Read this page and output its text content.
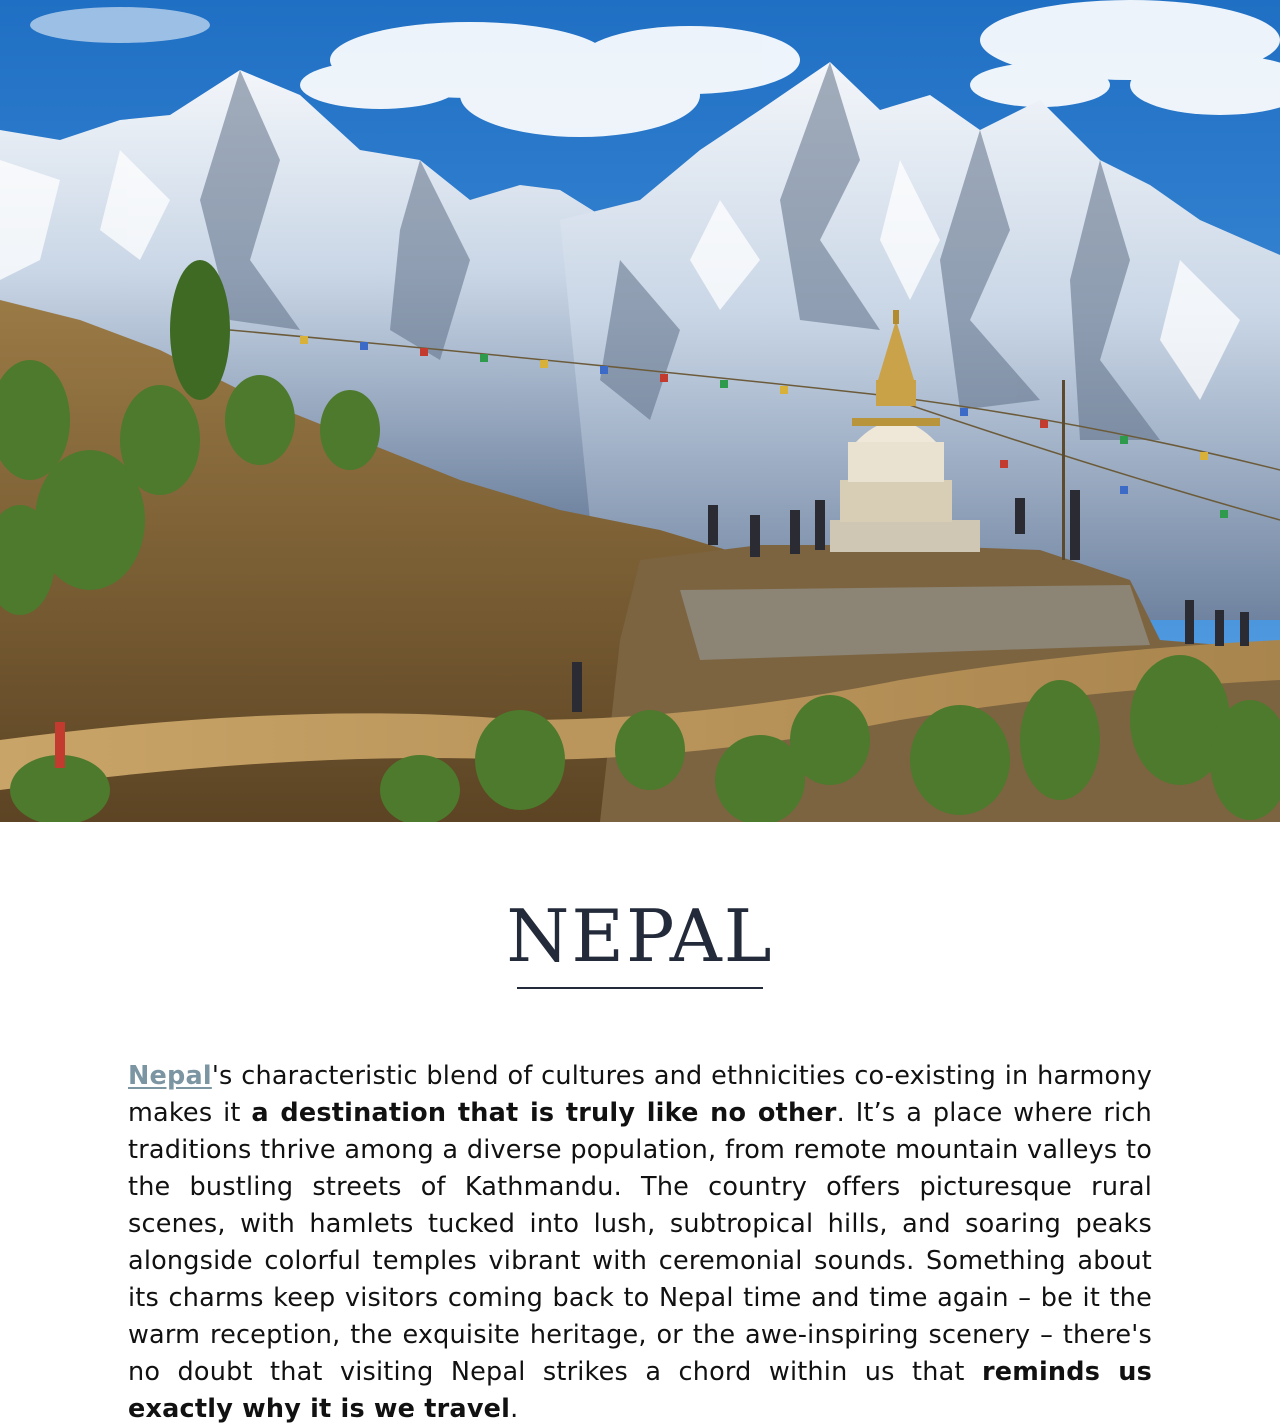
NEPAL

Nepal's characteristic blend of cultures and ethnicities co-existing in harmony makes it a destination that is truly like no other. It’s a place where rich traditions thrive among a diverse population, from remote mountain valleys to the bustling streets of Kathmandu. The country offers picturesque rural scenes, with hamlets tucked into lush, subtropical hills, and soaring peaks alongside colorful temples vibrant with ceremonial sounds. Something about its charms keep visitors coming back to Nepal time and time again – be it the warm reception, the exquisite heritage, or the awe-inspiring scenery – there's no doubt that visiting Nepal strikes a chord within us that reminds us exactly why it is we travel.
